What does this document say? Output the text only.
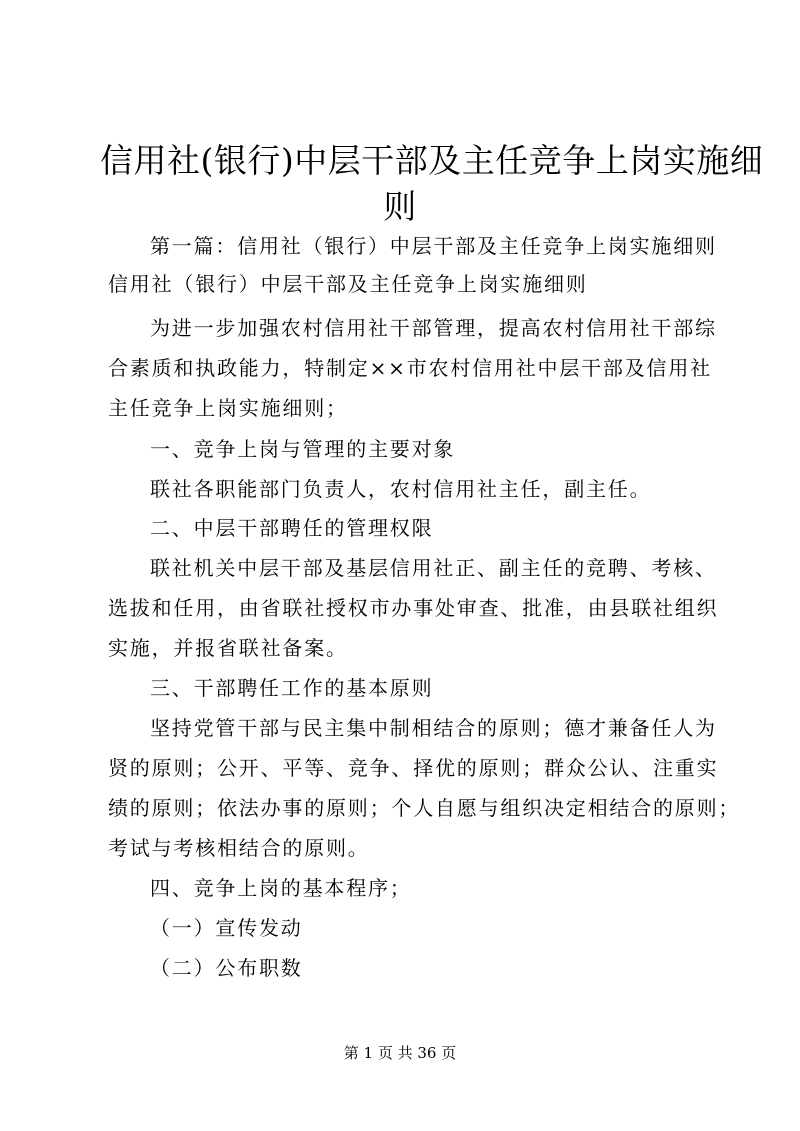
信用社(银行)中层干部及主任竞争上岗实施细
则
第一篇：信用社（银行）中层干部及主任竞争上岗实施细则
信用社（银行）中层干部及主任竞争上岗实施细则
为进一步加强农村信用社干部管理，提高农村信用社干部综
合素质和执政能力，特制定××市农村信用社中层干部及信用社
主任竞争上岗实施细则；
一、竞争上岗与管理的主要对象
联社各职能部门负责人，农村信用社主任，副主任。
二、中层干部聘任的管理权限
联社机关中层干部及基层信用社正、副主任的竞聘、考核、
选拔和任用，由省联社授权市办事处审查、批准，由县联社组织
实施，并报省联社备案。
三、干部聘任工作的基本原则
坚持党管干部与民主集中制相结合的原则；德才兼备任人为
贤的原则；公开、平等、竞争、择优的原则；群众公认、注重实
绩的原则；依法办事的原则；个人自愿与组织决定相结合的原则；
考试与考核相结合的原则。
四、竞争上岗的基本程序；
（一）宣传发动
（二）公布职数
第 1 页 共 36 页
